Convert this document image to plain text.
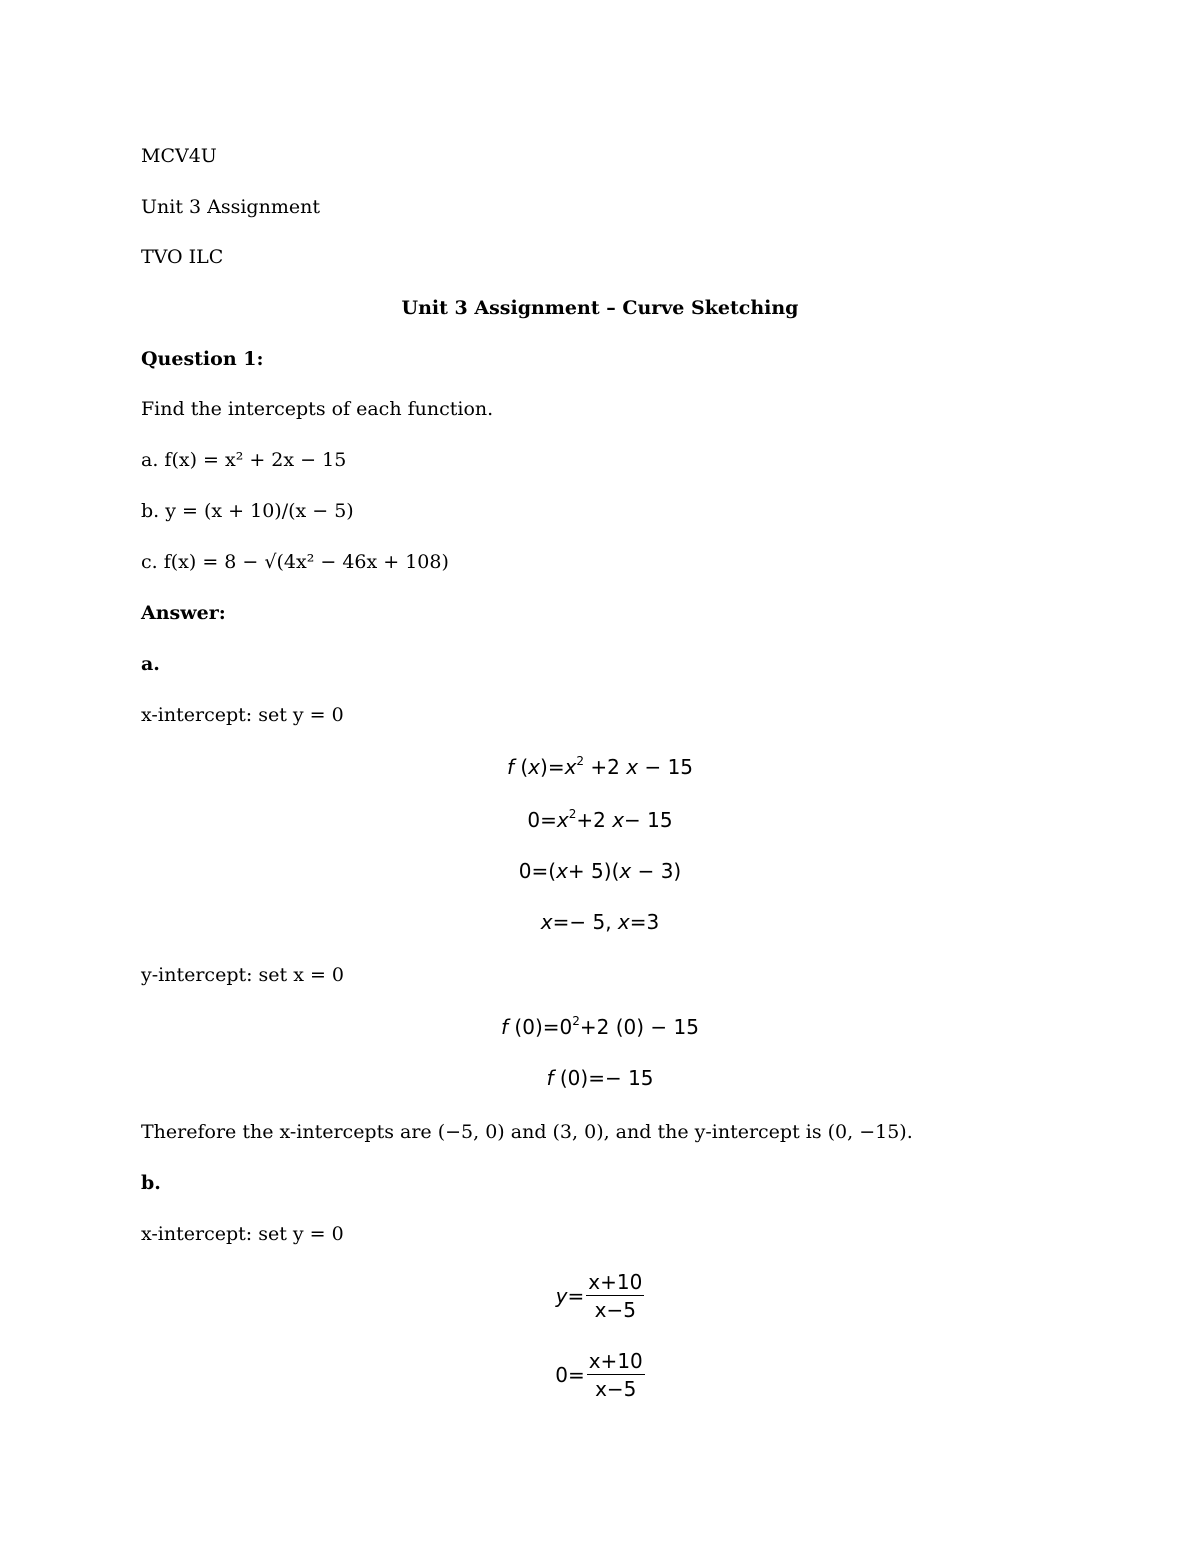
MCV4U
Unit 3 Assignment
TVO ILC
Unit 3 Assignment – Curve Sketching
Question 1:
Find the intercepts of each function.
a. f(x) = x² + 2x − 15
b. y = (x + 10)/(x − 5)
c. f(x) = 8 − √(4x² − 46x + 108)
Answer:
a.
x-intercept: set y = 0
f $(x)=x^2 +2$ x − 15
$0=x^2+2$ x− 15
0=(x+ 5)(x − 3)
x=− 5, x=3
y-intercept: set x = 0
f $(0)=0^2+2$ (0) − 15
f (0)=− 15
Therefore the x-intercepts are (−5, 0) and (3, 0), and the y-intercept is (0, −15).
b.
x-intercept: set y = 0
$y = \frac{x+10}{x-5}$
$0 = \frac{x+10}{x-5}$
